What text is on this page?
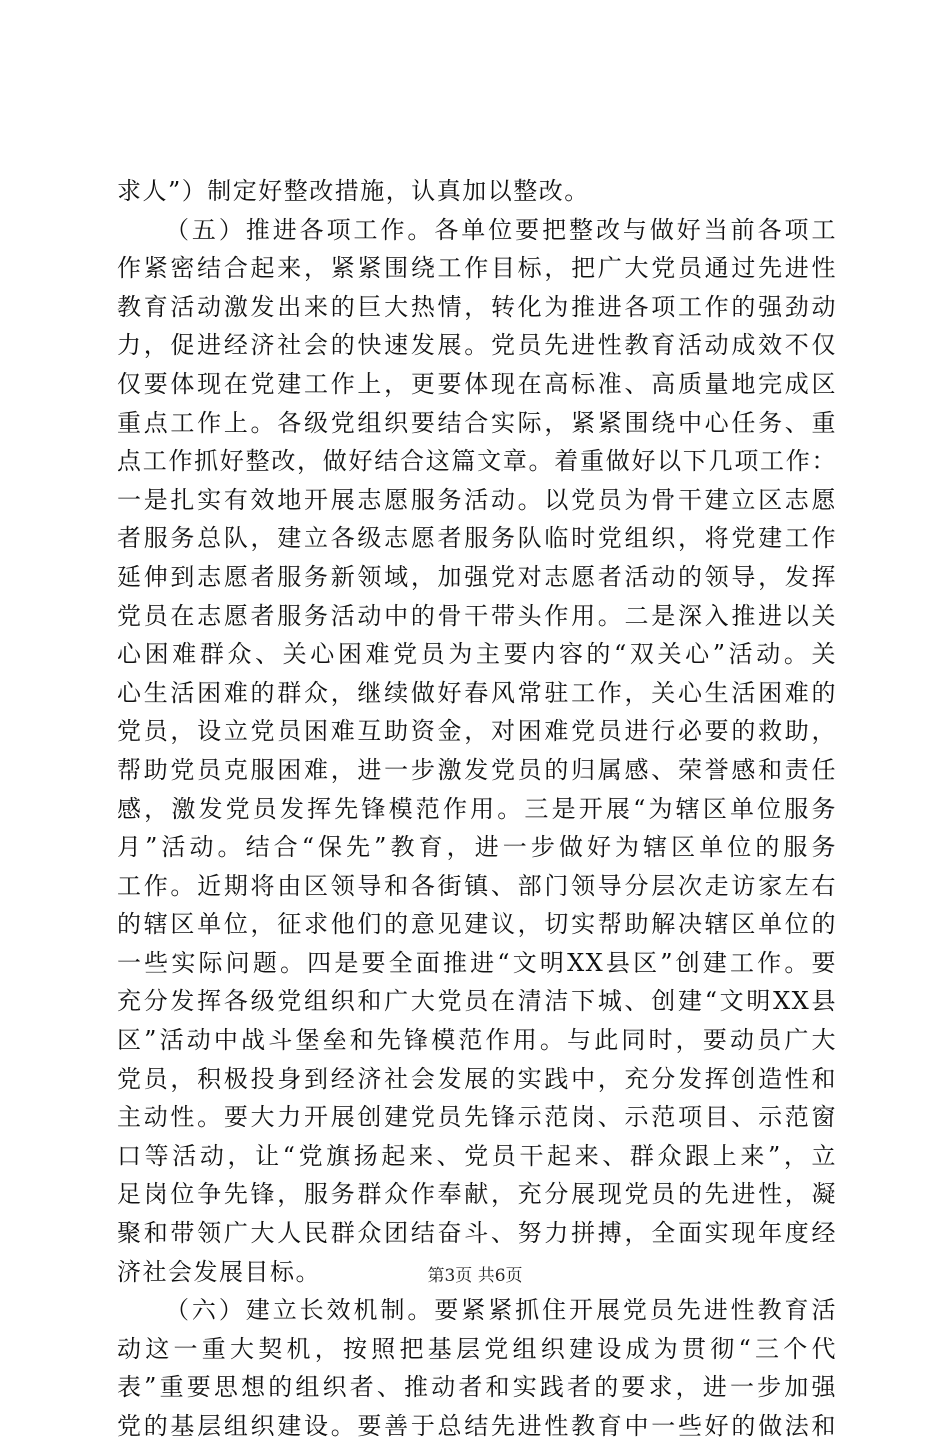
求人”）制定好整改措施，认真加以整改。
（五）推进各项工作。各单位要把整改与做好当前各项工
作紧密结合起来，紧紧围绕工作目标，把广大党员通过先进性
教育活动激发出来的巨大热情，转化为推进各项工作的强劲动
力，促进经济社会的快速发展。党员先进性教育活动成效不仅
仅要体现在党建工作上，更要体现在高标准、高质量地完成区
重点工作上。各级党组织要结合实际，紧紧围绕中心任务、重
点工作抓好整改，做好结合这篇文章。着重做好以下几项工作：
一是扎实有效地开展志愿服务活动。以党员为骨干建立区志愿
者服务总队，建立各级志愿者服务队临时党组织，将党建工作
延伸到志愿者服务新领域，加强党对志愿者活动的领导，发挥
党员在志愿者服务活动中的骨干带头作用。二是深入推进以关
心困难群众、关心困难党员为主要内容的“双关心”活动。关
心生活困难的群众，继续做好春风常驻工作，关心生活困难的
党员，设立党员困难互助资金，对困难党员进行必要的救助，
帮助党员克服困难，进一步激发党员的归属感、荣誉感和责任
感，激发党员发挥先锋模范作用。三是开展“为辖区单位服务
月”活动。结合“保先”教育，进一步做好为辖区单位的服务
工作。近期将由区领导和各街镇、部门领导分层次走访家左右
的辖区单位，征求他们的意见建议，切实帮助解决辖区单位的
一些实际问题。四是要全面推进“文明XX县区”创建工作。要
充分发挥各级党组织和广大党员在清洁下城、创建“文明XX县
区”活动中战斗堡垒和先锋模范作用。与此同时，要动员广大
党员，积极投身到经济社会发展的实践中，充分发挥创造性和
主动性。要大力开展创建党员先锋示范岗、示范项目、示范窗
口等活动，让“党旗扬起来、党员干起来、群众跟上来”，立
足岗位争先锋，服务群众作奉献，充分展现党员的先进性，凝
聚和带领广大人民群众团结奋斗、努力拼搏，全面实现年度经
济社会发展目标。
（六）建立长效机制。要紧紧抓住开展党员先进性教育活
动这一重大契机，按照把基层党组织建设成为贯彻“三个代
表”重要思想的组织者、推动者和实践者的要求，进一步加强
党的基层组织建设。要善于总结先进性教育中一些好的做法和
第3页 共6页
